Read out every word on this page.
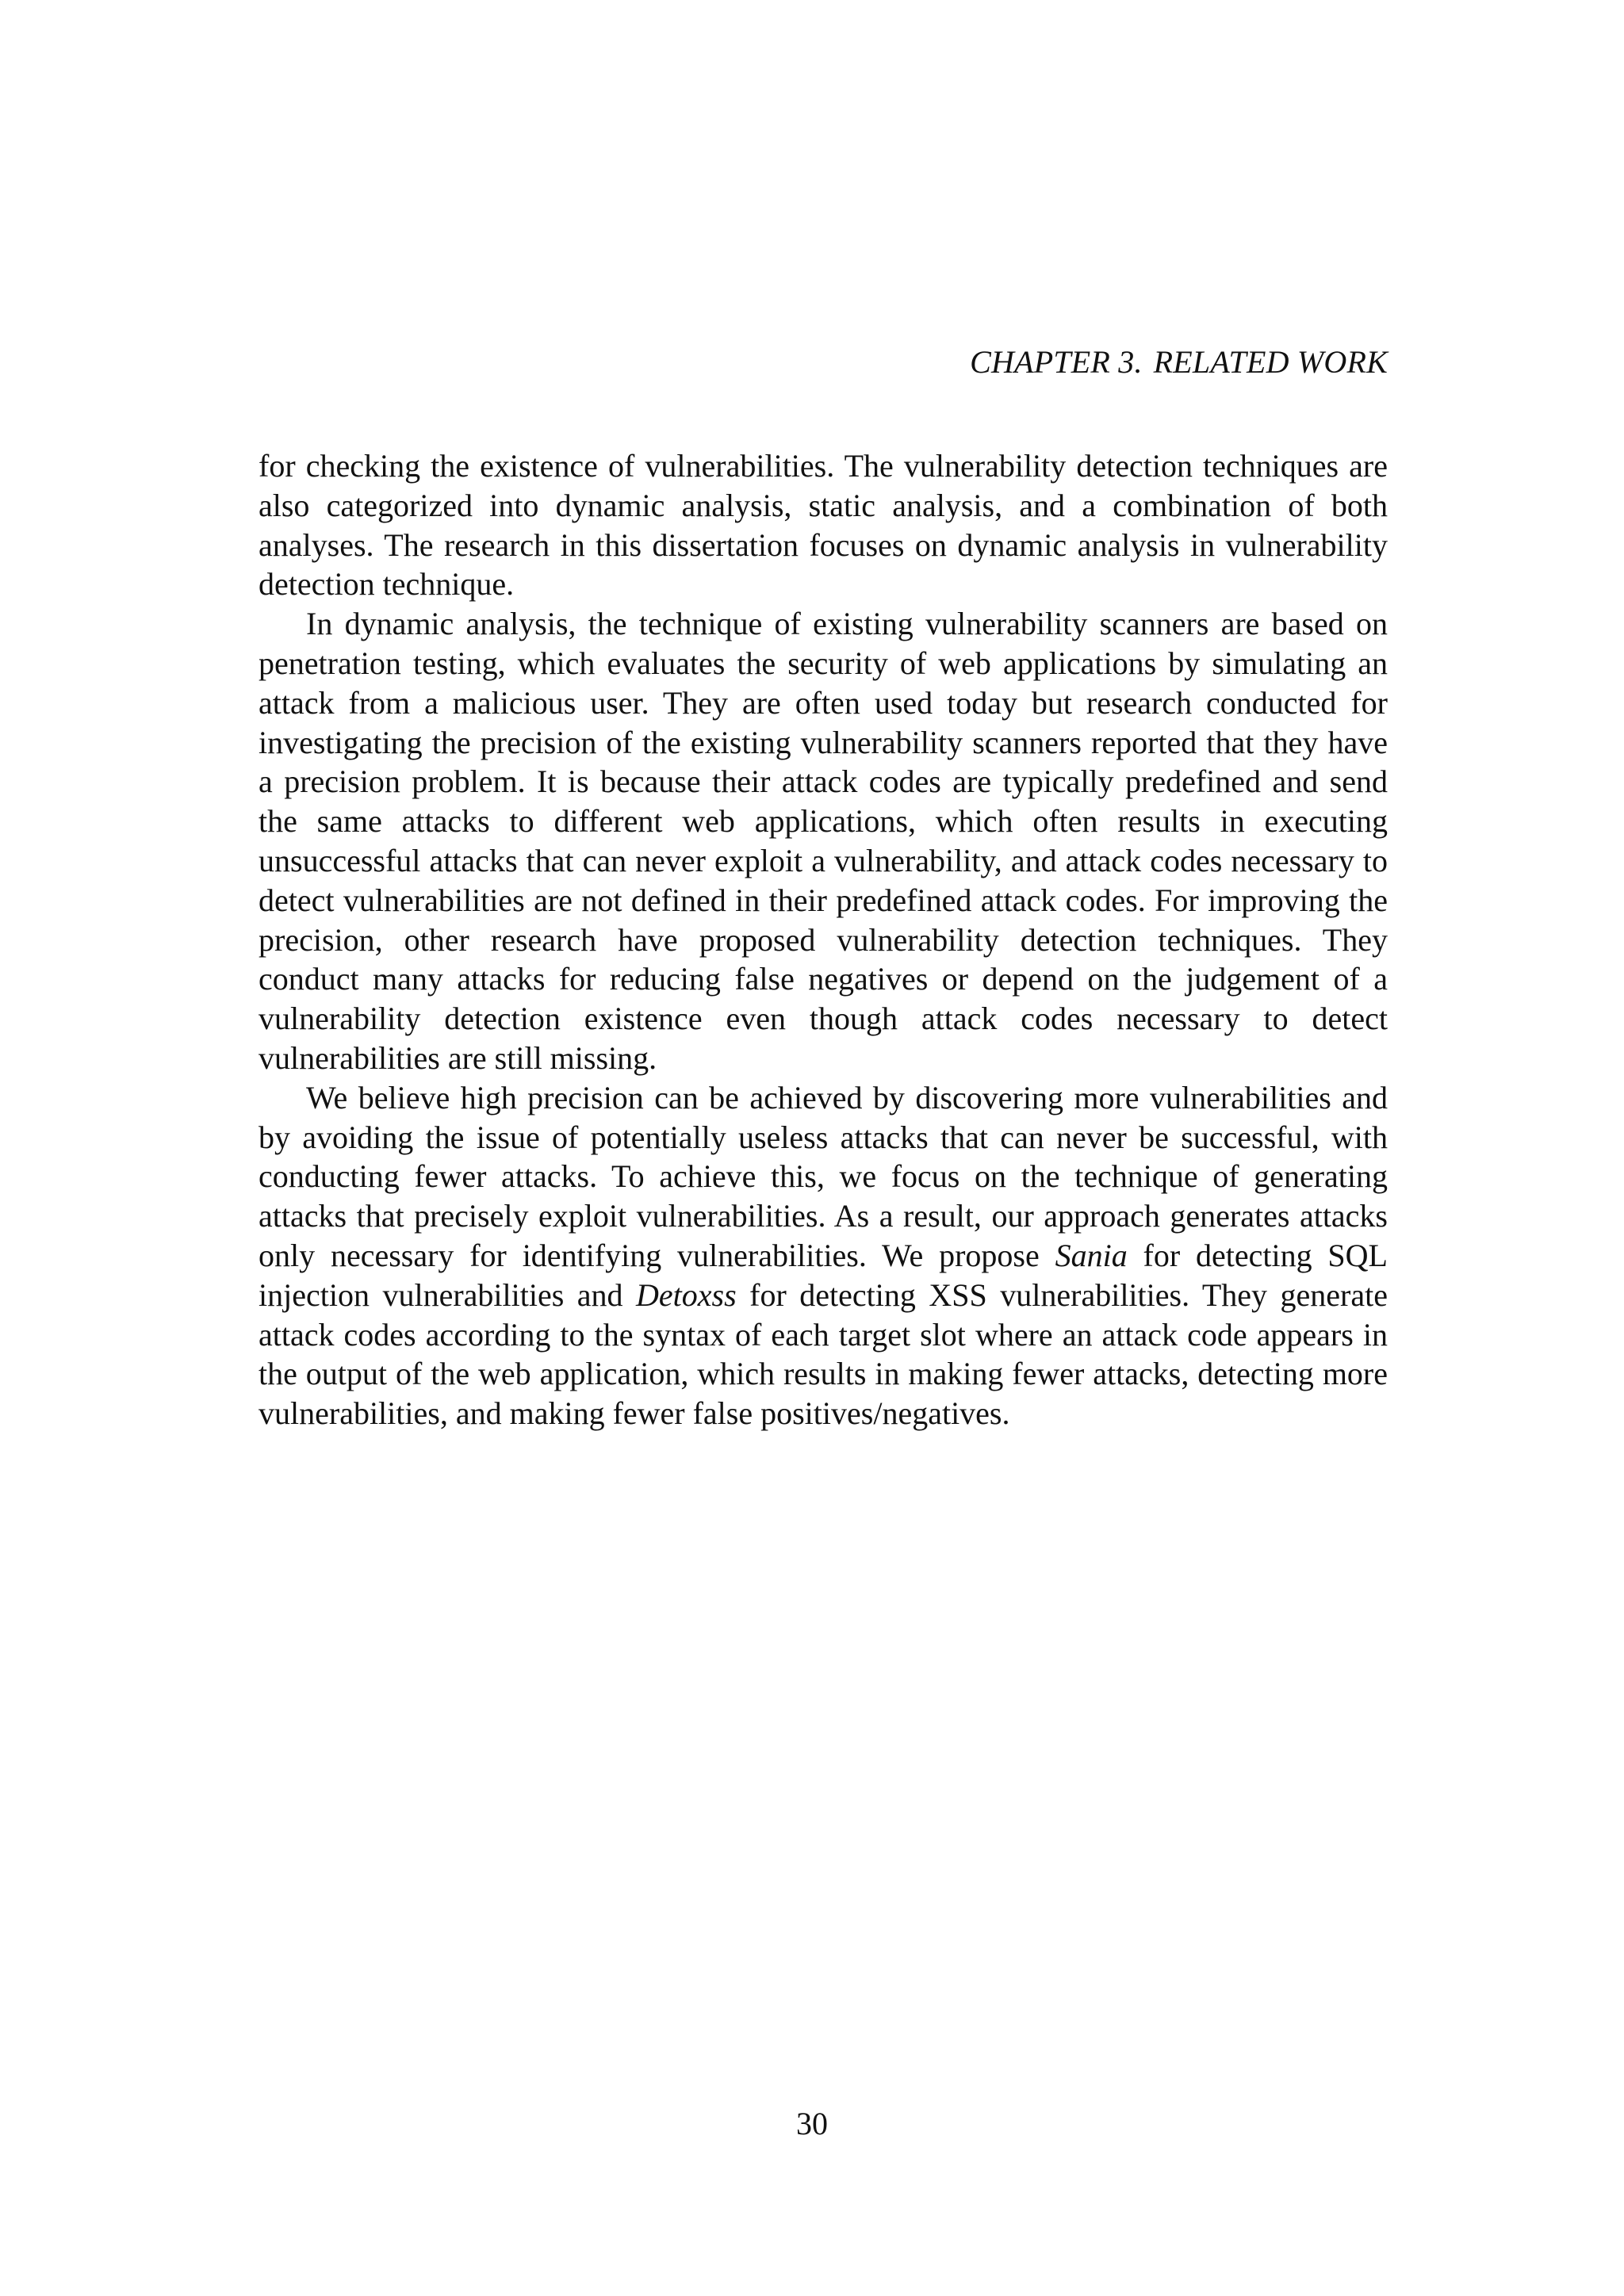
CHAPTER 3. RELATED WORK

for checking the existence of vulnerabilities. The vulnerability detection techniques are also categorized into dynamic analysis, static analysis, and a combination of both analyses. The research in this dissertation focuses on dynamic analysis in vulnerability detection technique.

In dynamic analysis, the technique of existing vulnerability scanners are based on penetration testing, which evaluates the security of web applications by simulating an attack from a malicious user. They are often used today but research conducted for investigating the precision of the existing vulnerability scanners reported that they have a precision problem. It is because their attack codes are typically predefined and send the same attacks to different web applications, which often results in executing unsuccessful attacks that can never exploit a vulnerability, and attack codes necessary to detect vulnerabilities are not defined in their predefined attack codes. For improving the precision, other research have proposed vulnerability detection techniques. They conduct many attacks for reducing false negatives or depend on the judgement of a vulnerability detection existence even though attack codes necessary to detect vulnerabilities are still missing.

We believe high precision can be achieved by discovering more vulnerabilities and by avoiding the issue of potentially useless attacks that can never be successful, with conducting fewer attacks. To achieve this, we focus on the technique of generating attacks that precisely exploit vulnerabilities. As a result, our approach generates attacks only necessary for identifying vulnerabilities. We propose Sania for detecting SQL injection vulnerabilities and Detoxss for detecting XSS vulnerabilities. They generate attack codes according to the syntax of each target slot where an attack code appears in the output of the web application, which results in making fewer attacks, detecting more vulnerabilities, and making fewer false positives/negatives.

30
